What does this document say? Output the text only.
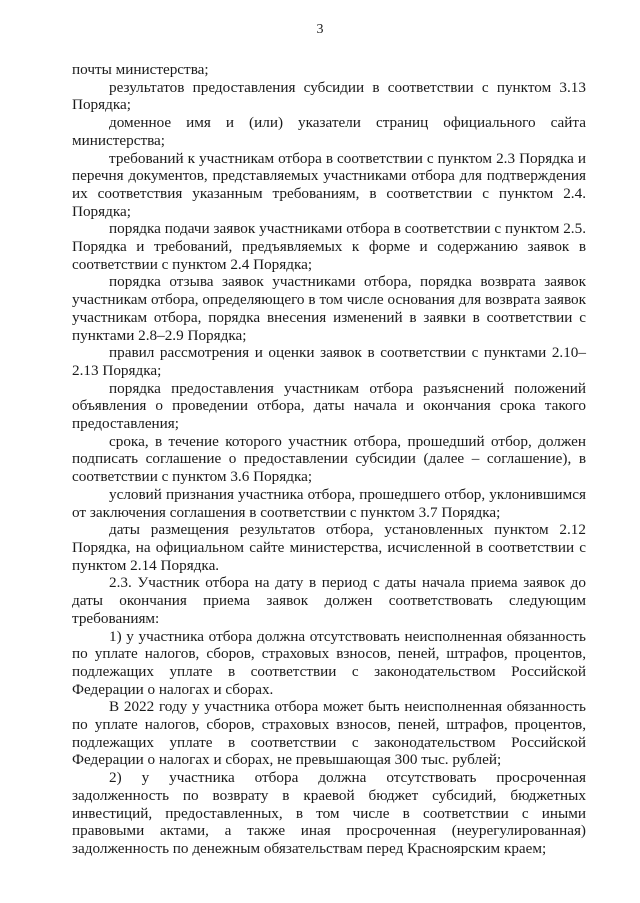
3

почты министерства;

результатов предоставления субсидии в соответствии с пунктом 3.13 Порядка;

доменное имя и (или) указатели страниц официального сайта министерства;

требований к участникам отбора в соответствии с пунктом 2.3 Порядка и перечня документов, представляемых участниками отбора для подтверждения их соответствия указанным требованиям, в соответствии с пунктом 2.4. Порядка;

порядка подачи заявок участниками отбора в соответствии с пунктом 2.5. Порядка и требований, предъявляемых к форме и содержанию заявок в соответствии с пунктом 2.4 Порядка;

порядка отзыва заявок участниками отбора, порядка возврата заявок участникам отбора, определяющего в том числе основания для возврата заявок участникам отбора, порядка внесения изменений в заявки в соответствии с пунктами 2.8–2.9 Порядка;

правил рассмотрения и оценки заявок в соответствии с пунктами 2.10–2.13 Порядка;

порядка предоставления участникам отбора разъяснений положений объявления о проведении отбора, даты начала и окончания срока такого предоставления;

срока, в течение которого участник отбора, прошедший отбор, должен подписать соглашение о предоставлении субсидии (далее – соглашение), в соответствии с пунктом 3.6 Порядка;

условий признания участника отбора, прошедшего отбор, уклонившимся от заключения соглашения в соответствии с пунктом 3.7 Порядка;

даты размещения результатов отбора, установленных пунктом 2.12 Порядка, на официальном сайте министерства, исчисленной в соответствии с пунктом 2.14 Порядка.

2.3. Участник отбора на дату в период с даты начала приема заявок до даты окончания приема заявок должен соответствовать следующим требованиям:

1) у участника отбора должна отсутствовать неисполненная обязанность по уплате налогов, сборов, страховых взносов, пеней, штрафов, процентов, подлежащих уплате в соответствии с законодательством Российской Федерации о налогах и сборах.

В 2022 году у участника отбора может быть неисполненная обязанность по уплате налогов, сборов, страховых взносов, пеней, штрафов, процентов, подлежащих уплате в соответствии с законодательством Российской Федерации о налогах и сборах, не превышающая 300 тыс. рублей;

2) у участника отбора должна отсутствовать просроченная задолженность по возврату в краевой бюджет субсидий, бюджетных инвестиций, предоставленных, в том числе в соответствии с иными правовыми актами, а также иная просроченная (неурегулированная) задолженность по денежным обязательствам перед Красноярским краем;
